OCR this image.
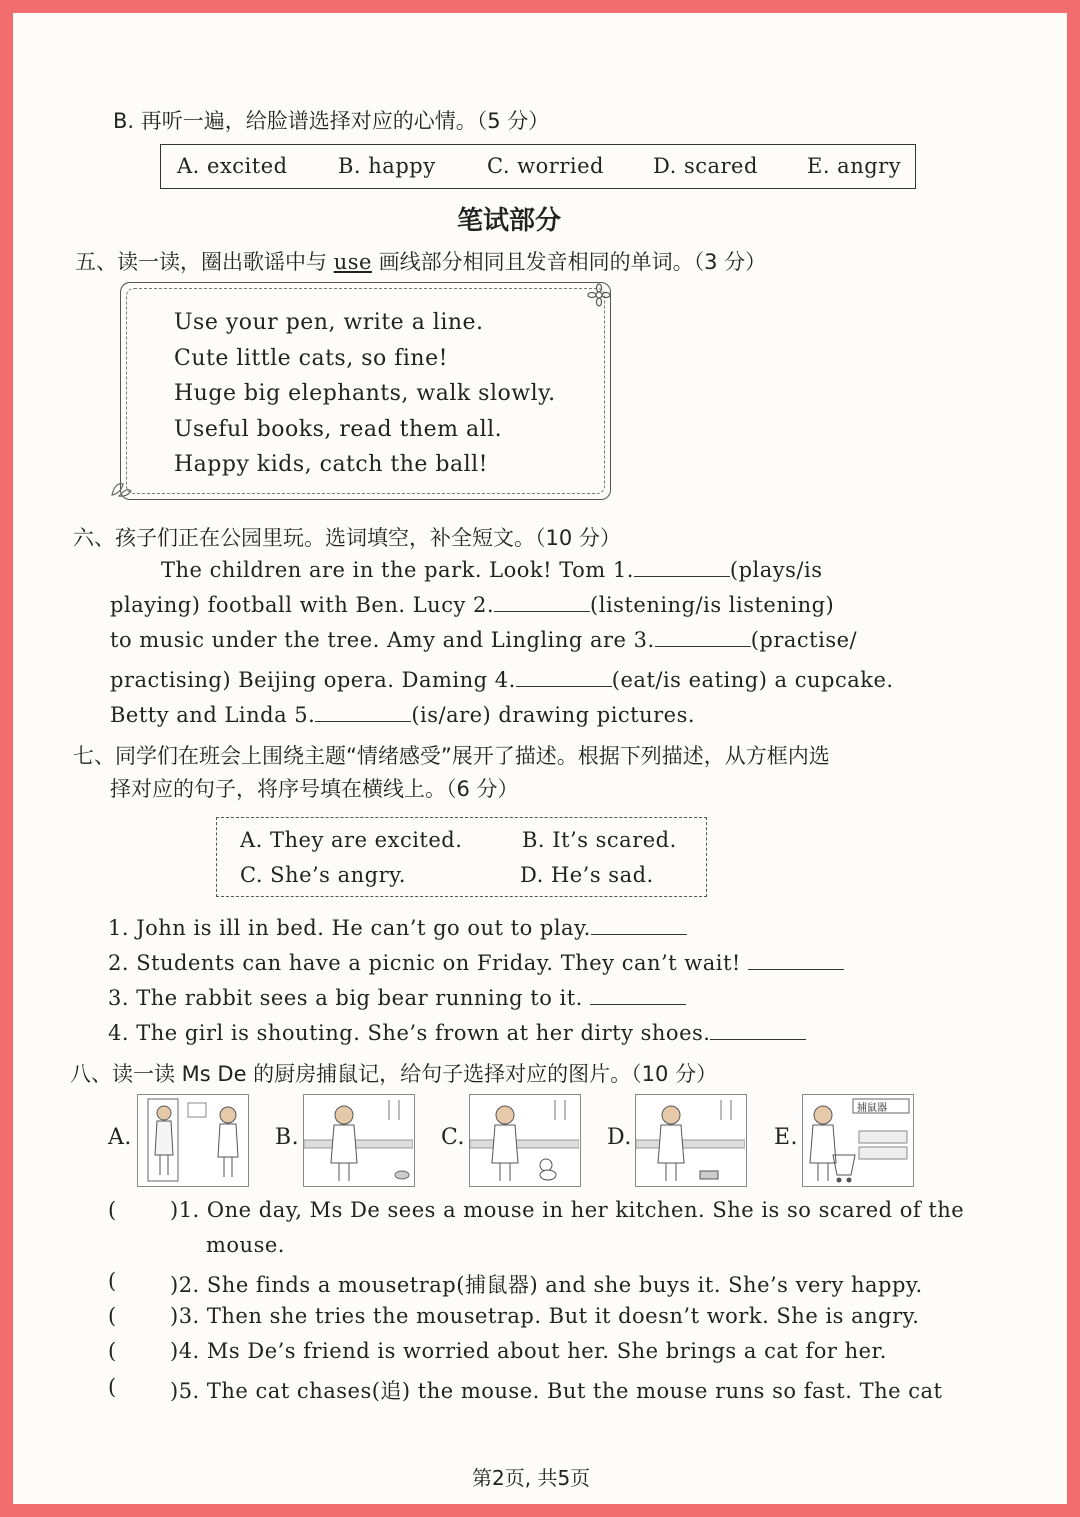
B. 再听一遍，给脸谱选择对应的心情。（5 分）
A. excited B. happy C. worried D. scared E. angry
笔试部分
五、读一读，圈出歌谣中与 use 画线部分相同且发音相同的单词。（3 分）
Use your pen, write a line.
Cute little cats, so fine!
Huge big elephants, walk slowly.
Useful books, read them all.
Happy kids, catch the ball!
六、孩子们正在公园里玩。选词填空，补全短文。（10 分）
The children are in the park. Look! Tom 1.	(plays/is
playing) football with Ben. Lucy 2.	(listening/is listening)
to music under the tree. Amy and Lingling are 3.	(practise/
practising) Beijing opera. Daming 4.	(eat/is eating) a cupcake.
Betty and Linda 5.	(is/are) drawing pictures.
七、同学们在班会上围绕主题“情绪感受”展开了描述。根据下列描述，从方框内选
择对应的句子，将序号填在横线上。（6 分）
A. They are excited.	B. It’s scared.
C. She’s angry.	D. He’s sad.
1. John is ill in bed. He can’t go out to play.
2. Students can have a picnic on Friday. They can’t wait!
3. The rabbit sees a big bear running to it.
4. The girl is shouting. She’s frown at her dirty shoes.
八、读一读 Ms De 的厨房捕鼠记，给句子选择对应的图片。（10 分）
A.	B.	C.	D.	E.
捕鼠器
(	)1. One day, Ms De sees a mouse in her kitchen. She is so scared of the
mouse.
(	)2. She finds a mousetrap(捕鼠器) and she buys it. She’s very happy.
(	)3. Then she tries the mousetrap. But it doesn’t work. She is angry.
(	)4. Ms De’s friend is worried about her. She brings a cat for her.
(	)5. The cat chases(追) the mouse. But the mouse runs so fast. The cat
第2页, 共5页
